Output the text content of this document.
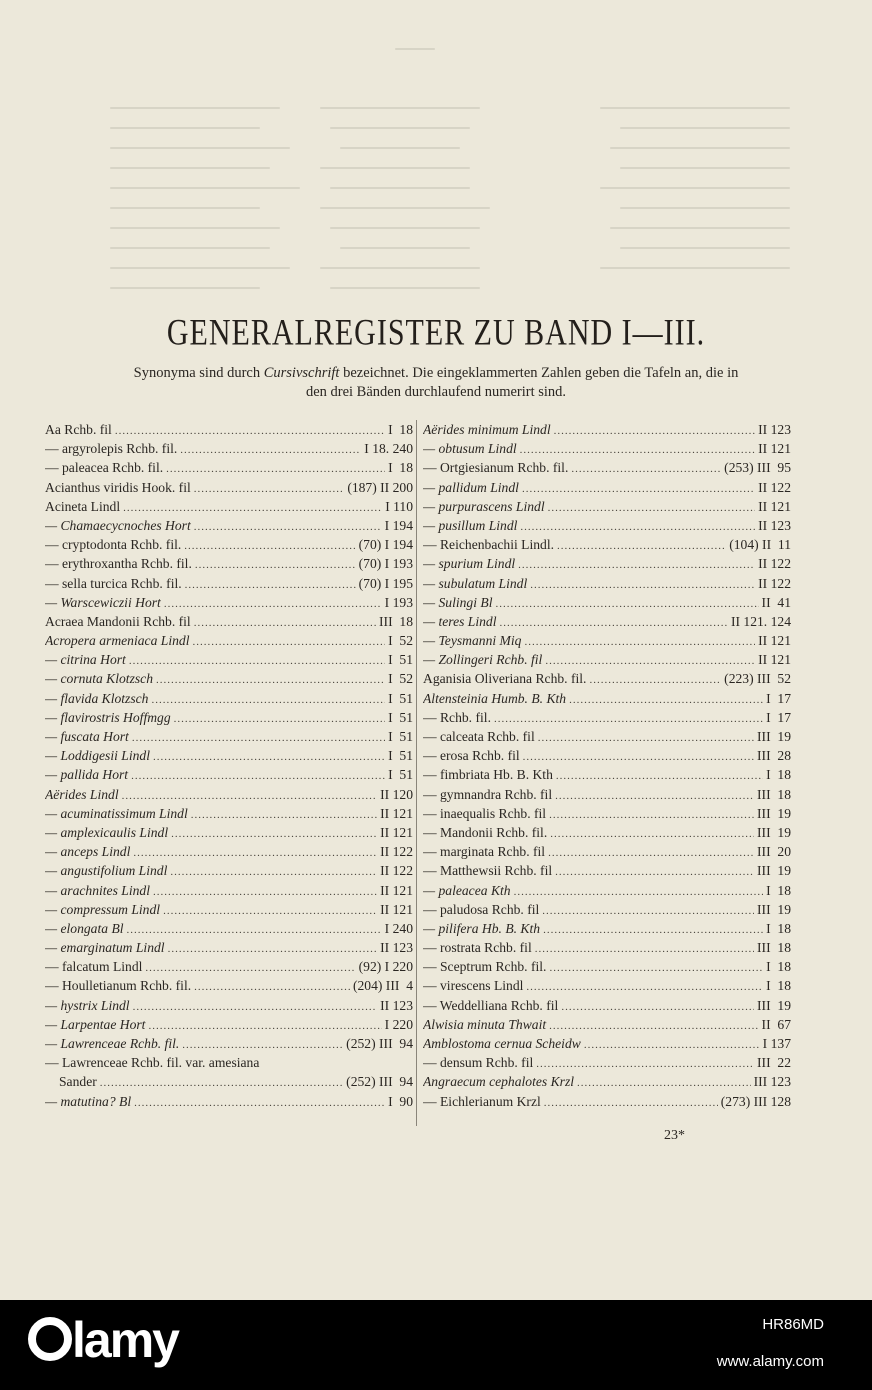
GENERALREGISTER ZU BAND I—III.
Synonyma sind durch Cursivschrift bezeichnet. Die eingeklammerten Zahlen geben die Tafeln an, die in
den drei Bänden durchlaufend numerirt sind.
Aa Rchb. fil .....	I  18
— argyrolepis Rchb. fil. .....	I 18. 240
— paleacea Rchb. fil. .....	I  18
Acianthus viridis Hook. fil .....	(187) II 200
Acineta Lindl .....	I 110
— Chamaecycnoches Hort .....	I 194
— cryptodonta Rchb. fil. .....	(70) I 194
— erythroxantha Rchb. fil. .....	(70) I 193
— sella turcica Rchb. fil. .....	(70) I 195
— Warscewiczii Hort .....	I 193
Acraea Mandonii Rchb. fil .....	III  18
Acropera armeniaca Lindl .....	I  52
— citrina Hort .....	I  51
— cornuta Klotzsch .....	I  52
— flavida Klotzsch .....	I  51
— flavirostris Hoffmgg .....	I  51
— fuscata Hort .....	I  51
— Loddigesii Lindl .....	I  51
— pallida Hort .....	I  51
Aërides Lindl .....	II 120
— acuminatissimum Lindl .....	II 121
— amplexicaulis Lindl .....	II 121
— anceps Lindl .....	II 122
— angustifolium Lindl .....	II 122
— arachnites Lindl .....	II 121
— compressum Lindl .....	II 121
— elongata Bl .....	I 240
— emarginatum Lindl .....	II 123
— falcatum Lindl .....	(92) I 220
— Houlletianum Rchb. fil. .....	(204) III  4
— hystrix Lindl .....	II 123
— Larpentae Hort .....	I 220
— Lawrenceae Rchb. fil. .....	(252) III  94
— Lawrenceae Rchb. fil. var. amesiana
Sander .....	(252) III  94
— matutina? Bl .....	I  90
Aërides minimum Lindl .....	II 123
— obtusum Lindl .....	II 121
— Ortgiesianum Rchb. fil. .....	(253) III  95
— pallidum Lindl .....	II 122
— purpurascens Lindl .....	II 121
— pusillum Lindl .....	II 123
— Reichenbachii Lindl. .....	(104) II  11
— spurium Lindl .....	II 122
— subulatum Lindl .....	II 122
— Sulingi Bl .....	II  41
— teres Lindl .....	II 121. 124
— Teysmanni Miq .....	II 121
— Zollingeri Rchb. fil .....	II 121
Aganisia Oliveriana Rchb. fil. .....	(223) III  52
Altensteinia Humb. B. Kth .....	I  17
— Rchb. fil. .....	I  17
— calceata Rchb. fil .....	III  19
— erosa Rchb. fil .....	III  28
— fimbriata Hb. B. Kth .....	I  18
— gymnandra Rchb. fil .....	III  18
— inaequalis Rchb. fil .....	III  19
— Mandonii Rchb. fil. .....	III  19
— marginata Rchb. fil .....	III  20
— Matthewsii Rchb. fil .....	III  19
— paleacea Kth .....	I  18
— paludosa Rchb. fil .....	III  19
— pilifera Hb. B. Kth .....	I  18
— rostrata Rchb. fil .....	III  18
— Sceptrum Rchb. fil. .....	I  18
— virescens Lindl .....	I  18
— Weddelliana Rchb. fil .....	III  19
Alwisia minuta Thwait .....	II  67
Amblostoma cernua Scheidw .....	I 137
— densum Rchb. fil .....	III  22
Angraecum cephalotes Krzl .....	III 123
— Eichlerianum Krzl .....	(273) III 128
23*
lamy	HR86MD
www.alamy.com
